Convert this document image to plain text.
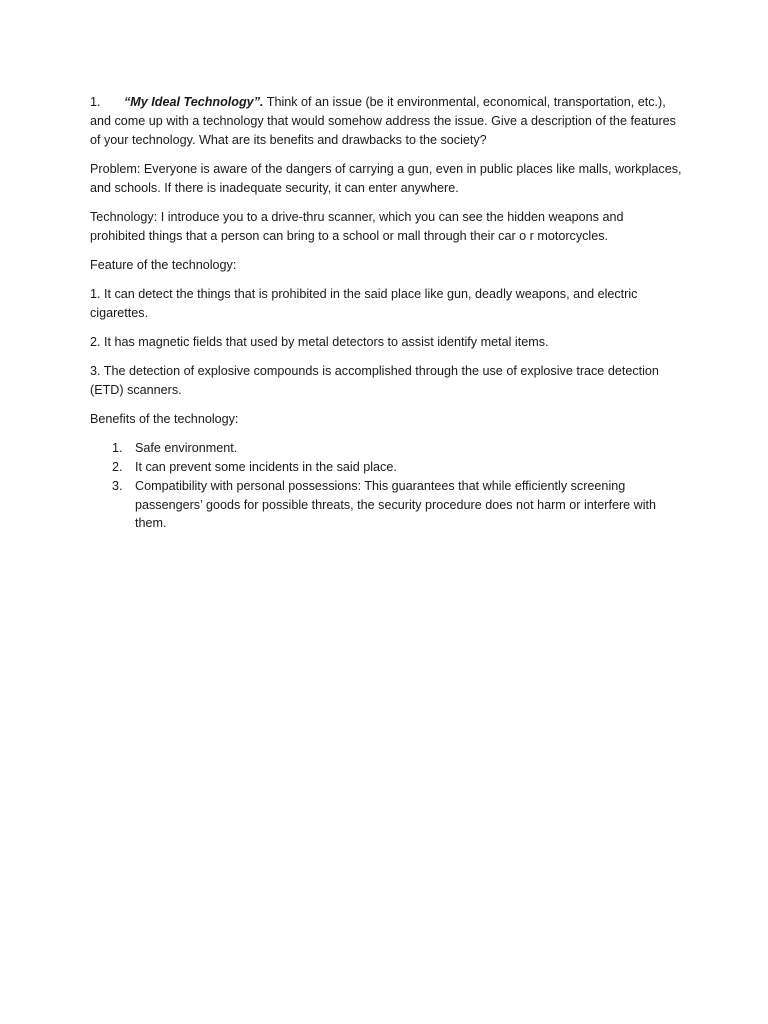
1. “My Ideal Technology”. Think of an issue (be it environmental, economical, transportation, etc.), and come up with a technology that would somehow address the issue. Give a description of the features of your technology. What are its benefits and drawbacks to the society?

Problem: Everyone is aware of the dangers of carrying a gun, even in public places like malls, workplaces, and schools. If there is inadequate security, it can enter anywhere.

Technology: I introduce you to a drive-thru scanner, which you can see the hidden weapons and prohibited things that a person can bring to a school or mall through their car o r motorcycles.

Feature of the technology:

1. It can detect the things that is prohibited in the said place like gun, deadly weapons, and electric cigarettes.

2. It has magnetic fields that used by metal detectors to assist identify metal items.

3. The detection of explosive compounds is accomplished through the use of explosive trace detection (ETD) scanners.

Benefits of the technology:

1. Safe environment.
2. It can prevent some incidents in the said place.
3. Compatibility with personal possessions: This guarantees that while efficiently screening passengers’ goods for possible threats, the security procedure does not harm or interfere with them.
